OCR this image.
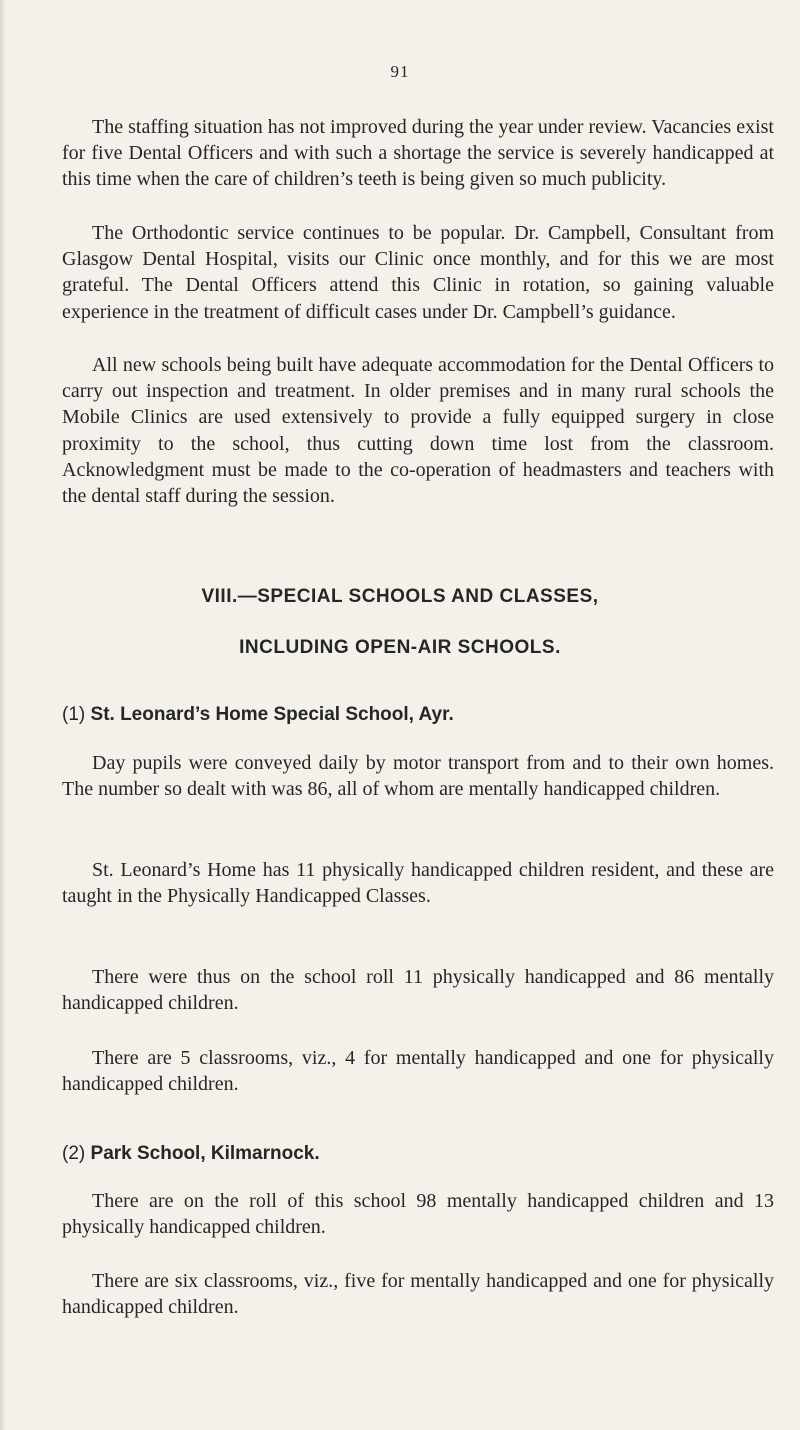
91

The staffing situation has not improved during the year under review. Vacancies exist for five Dental Officers and with such a shortage the service is severely handicapped at this time when the care of children’s teeth is being given so much publicity.

The Orthodontic service continues to be popular. Dr. Campbell, Consultant from Glasgow Dental Hospital, visits our Clinic once monthly, and for this we are most grateful. The Dental Officers attend this Clinic in rotation, so gaining valuable experience in the treatment of difficult cases under Dr. Campbell’s guidance.

All new schools being built have adequate accommodation for the Dental Officers to carry out inspection and treatment. In older premises and in many rural schools the Mobile Clinics are used extensively to provide a fully equipped surgery in close proximity to the school, thus cutting down time lost from the classroom. Acknowledgment must be made to the co-operation of headmasters and teachers with the dental staff during the session.

VIII.—SPECIAL SCHOOLS AND CLASSES,
INCLUDING OPEN-AIR SCHOOLS.
(1) St. Leonard’s Home Special School, Ayr.

Day pupils were conveyed daily by motor transport from and to their own homes. The number so dealt with was 86, all of whom are mentally handicapped children.

St. Leonard’s Home has 11 physically handicapped children resident, and these are taught in the Physically Handicapped Classes.

There were thus on the school roll 11 physically handicapped and 86 mentally handicapped children.

There are 5 classrooms, viz., 4 for mentally handicapped and one for physically handicapped children.

(2) Park School, Kilmarnock.

There are on the roll of this school 98 mentally handicapped children and 13 physically handicapped children.

There are six classrooms, viz., five for mentally handicapped and one for physically handicapped children.
